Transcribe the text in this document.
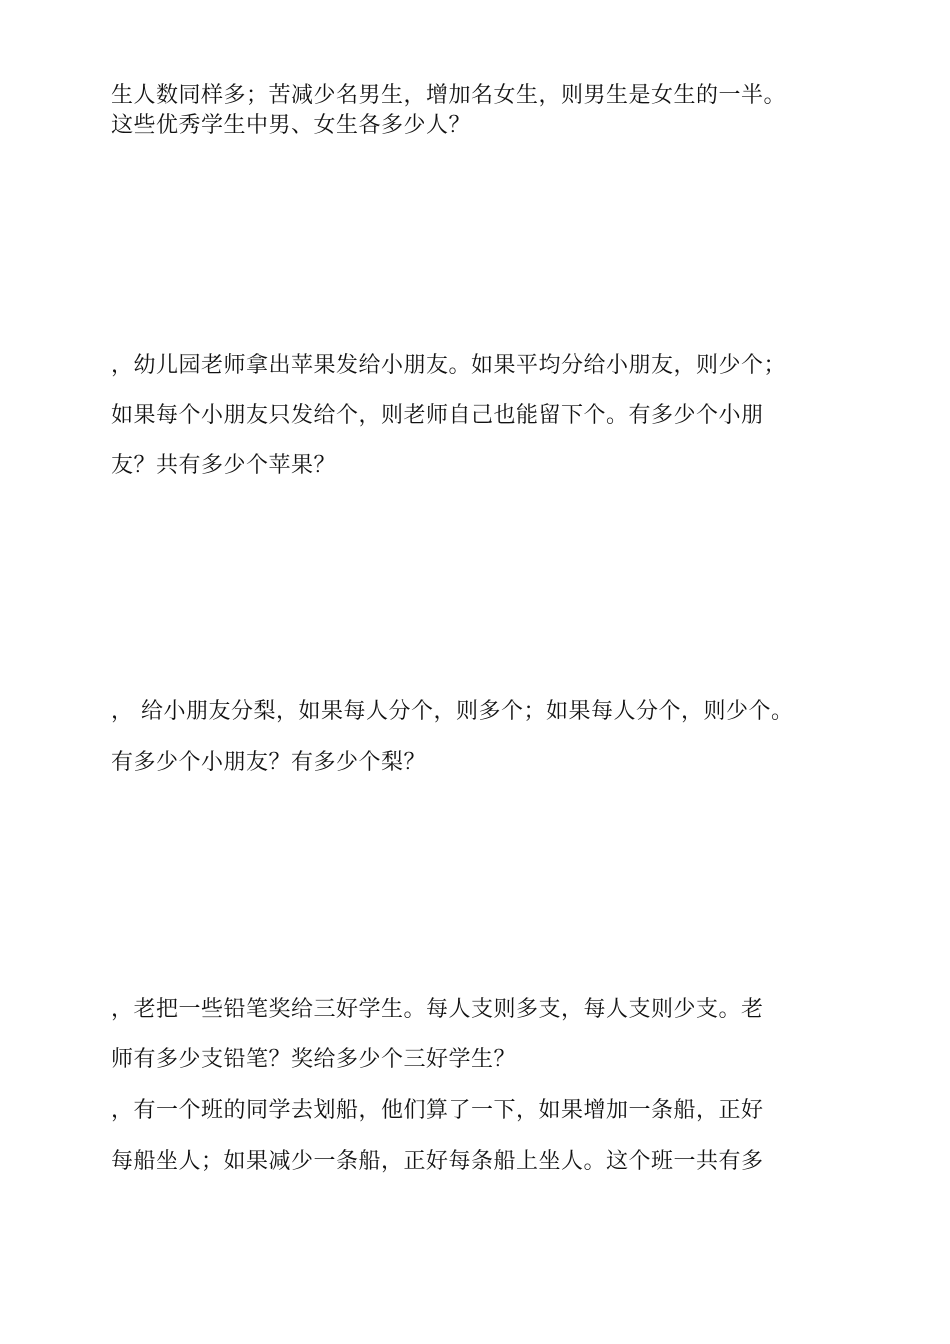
生人数同样多；苦减少名男生，增加名女生，则男生是女生的一半。
这些优秀学生中男、女生各多少人？
，幼儿园老师拿出苹果发给小朋友。如果平均分给小朋友，则少个；
如果每个小朋友只发给个，则老师自己也能留下个。有多少个小朋
友？共有多少个苹果？
， 给小朋友分梨，如果每人分个，则多个；如果每人分个，则少个。
有多少个小朋友？有多少个梨？
，老把一些铅笔奖给三好学生。每人支则多支，每人支则少支。老
师有多少支铅笔？奖给多少个三好学生？
，有一个班的同学去划船，他们算了一下，如果增加一条船，正好
每船坐人；如果减少一条船，正好每条船上坐人。这个班一共有多
